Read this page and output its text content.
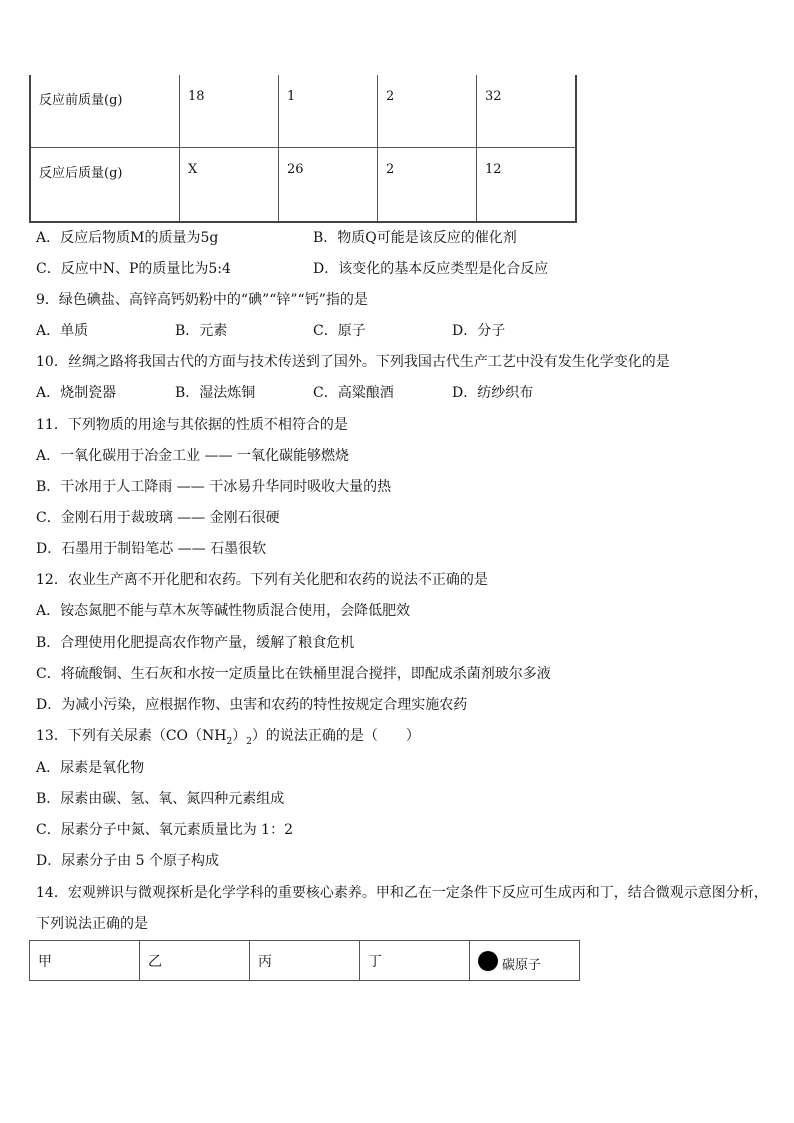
反应前质量(g)	18	1	2	32
反应后质量(g)	X	26	2	12
A．反应后物质M的质量为5g	B．物质Q可能是该反应的催化剂
C．反应中N、P的质量比为5:4	D．该变化的基本反应类型是化合反应
9．绿色碘盐、高锌高钙奶粉中的“碘”“锌”“钙”指的是
A．单质	B．元素	C．原子	D．分子
10．丝绸之路将我国古代的方面与技术传送到了国外。下列我国古代生产工艺中没有发生化学变化的是
A．烧制瓷器	B．湿法炼铜	C．高粱酿酒	D．纺纱织布
11．下列物质的用途与其依据的性质不相符合的是
A．一氧化碳用于冶金工业 —— 一氧化碳能够燃烧
B．干冰用于人工降雨 —— 干冰易升华同时吸收大量的热
C．金刚石用于裁玻璃 —— 金刚石很硬
D．石墨用于制铅笔芯 —— 石墨很软
12．农业生产离不开化肥和农药。下列有关化肥和农药的说法不正确的是
A．铵态氮肥不能与草木灰等碱性物质混合使用，会降低肥效
B．合理使用化肥提高农作物产量，缓解了粮食危机
C．将硫酸铜、生石灰和水按一定质量比在铁桶里混合搅拌，即配成杀菌剂玻尔多液
D．为减小污染，应根据作物、虫害和农药的特性按规定合理实施农药
13．下列有关尿素$(CO(NH_2)_2)$的说法正确的是（　　）
A．尿素是氧化物
B．尿素由碳、氢、氧、氮四种元素组成
C．尿素分子中氮、氧元素质量比为 1：2
D．尿素分子由 5 个原子构成
14．宏观辨识与微观探析是化学学科的重要核心素养。甲和乙在一定条件下反应可生成丙和丁，结合微观示意图分析，
下列说法正确的是
甲	乙	丙	丁	碳原子
